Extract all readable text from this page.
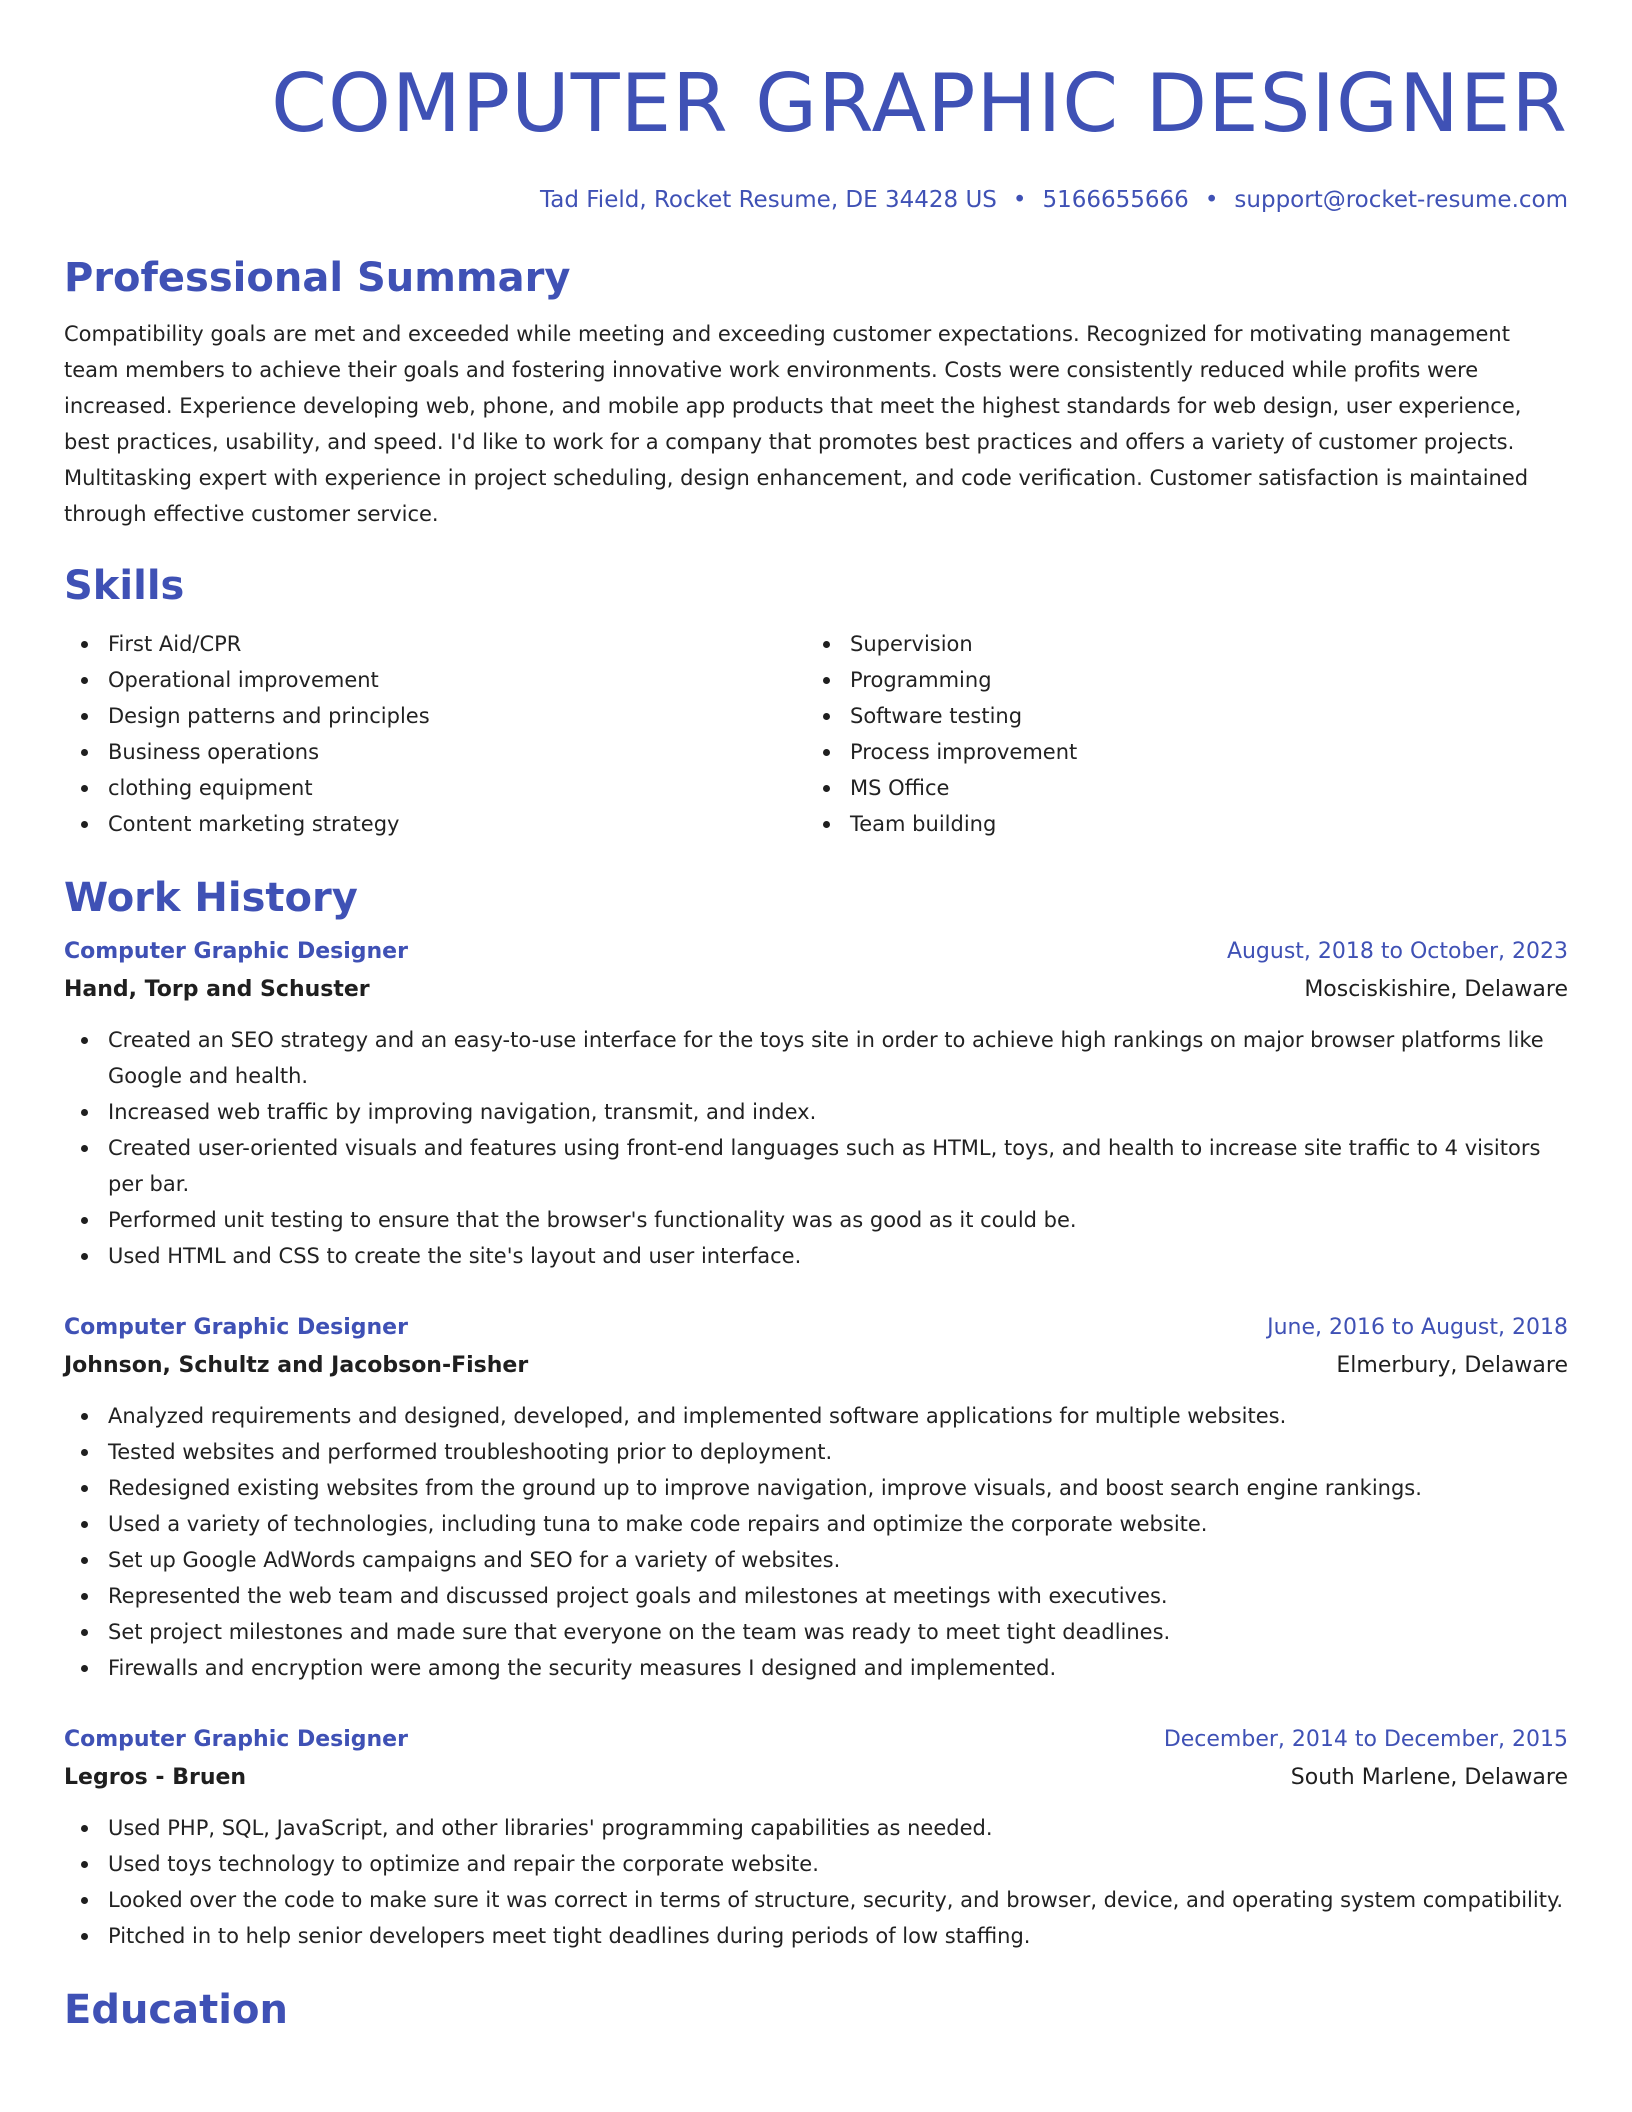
COMPUTER GRAPHIC DESIGNER
Tad Field, Rocket Resume, DE 34428 US • 5166655666 • support@rocket-resume.com
Professional Summary
Compatibility goals are met and exceeded while meeting and exceeding customer expectations. Recognized for motivating management team members to achieve their goals and fostering innovative work environments. Costs were consistently reduced while profits were increased. Experience developing web, phone, and mobile app products that meet the highest standards for web design, user experience, best practices, usability, and speed. I'd like to work for a company that promotes best practices and offers a variety of customer projects. Multitasking expert with experience in project scheduling, design enhancement, and code verification. Customer satisfaction is maintained through effective customer service.
Skills
First Aid/CPR
Operational improvement
Design patterns and principles
Business operations
clothing equipment
Content marketing strategy
Supervision
Programming
Software testing
Process improvement
MS Office
Team building
Work History
Computer Graphic Designer	August, 2018 to October, 2023
Hand, Torp and Schuster	Mosciskishire, Delaware
Created an SEO strategy and an easy-to-use interface for the toys site in order to achieve high rankings on major browser platforms like Google and health.
Increased web traffic by improving navigation, transmit, and index.
Created user-oriented visuals and features using front-end languages such as HTML, toys, and health to increase site traffic to 4 visitors per bar.
Performed unit testing to ensure that the browser's functionality was as good as it could be.
Used HTML and CSS to create the site's layout and user interface.
Computer Graphic Designer	June, 2016 to August, 2018
Johnson, Schultz and Jacobson-Fisher	Elmerbury, Delaware
Analyzed requirements and designed, developed, and implemented software applications for multiple websites.
Tested websites and performed troubleshooting prior to deployment.
Redesigned existing websites from the ground up to improve navigation, improve visuals, and boost search engine rankings.
Used a variety of technologies, including tuna to make code repairs and optimize the corporate website.
Set up Google AdWords campaigns and SEO for a variety of websites.
Represented the web team and discussed project goals and milestones at meetings with executives.
Set project milestones and made sure that everyone on the team was ready to meet tight deadlines.
Firewalls and encryption were among the security measures I designed and implemented.
Computer Graphic Designer	December, 2014 to December, 2015
Legros - Bruen	South Marlene, Delaware
Used PHP, SQL, JavaScript, and other libraries' programming capabilities as needed.
Used toys technology to optimize and repair the corporate website.
Looked over the code to make sure it was correct in terms of structure, security, and browser, device, and operating system compatibility.
Pitched in to help senior developers meet tight deadlines during periods of low staffing.
Education
